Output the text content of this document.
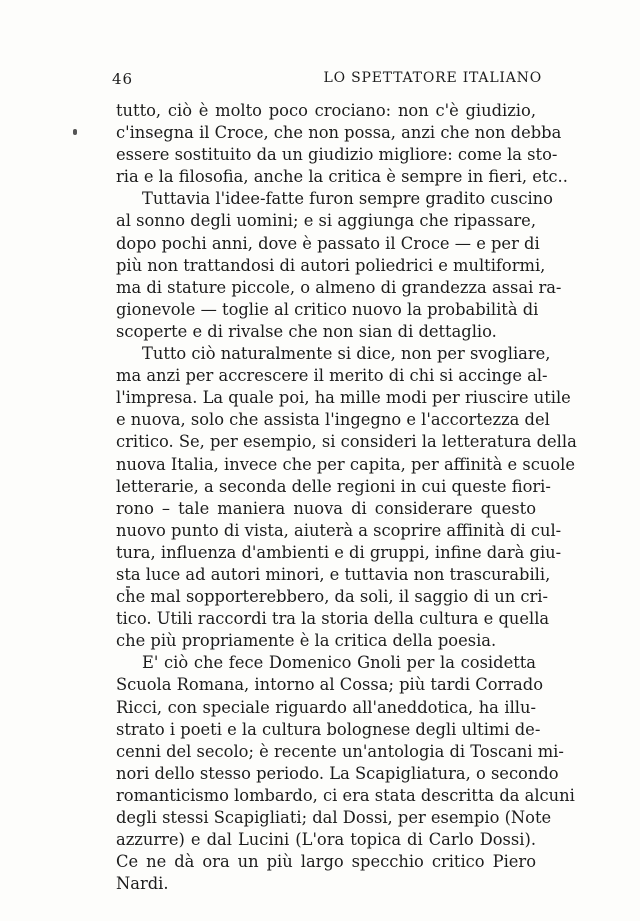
46	LO SPETTATORE ITALIANO
tutto, ciò è molto poco crociano: non c'è giudizio,
c'insegna il Croce, che non possa, anzi che non debba
essere sostituito da un giudizio migliore: come la sto-
ria e la filosofia, anche la critica è sempre in fieri, etc..
Tuttavia l'idee-fatte furon sempre gradito cuscino
al sonno degli uomini; e si aggiunga che ripassare,
dopo pochi anni, dove è passato il Croce — e per di
più non trattandosi di autori poliedrici e multiformi,
ma di stature piccole, o almeno di grandezza assai ra-
gionevole — toglie al critico nuovo la probabilità di
scoperte e di rivalse che non sian di dettaglio.
Tutto ciò naturalmente si dice, non per svogliare,
ma anzi per accrescere il merito di chi si accinge al-
l'impresa. La quale poi, ha mille modi per riuscire utile
e nuova, solo che assista l'ingegno e l'accortezza del
critico. Se, per esempio, si consideri la letteratura della
nuova Italia, invece che per capita, per affinità e scuole
letterarie, a seconda delle regioni in cui queste fiori-
rono – tale maniera nuova di considerare questo
nuovo punto di vista, aiuterà a scoprire affinità di cul-
tura, influenza d'ambienti e di gruppi, infine darà giu-
sta luce ad autori minori, e tuttavia non trascurabili,
che mal sopporterebbero, da soli, il saggio di un cri-
tico. Utili raccordi tra la storia della cultura e quella
che più propriamente è la critica della poesia.
E' ciò che fece Domenico Gnoli per la cosidetta
Scuola Romana, intorno al Cossa; più tardi Corrado
Ricci, con speciale riguardo all'aneddotica, ha illu-
strato i poeti e la cultura bolognese degli ultimi de-
cenni del secolo; è recente un'antologia di Toscani mi-
nori dello stesso periodo. La Scapigliatura, o secondo
romanticismo lombardo, ci era stata descritta da alcuni
degli stessi Scapigliati; dal Dossi, per esempio (Note
azzurre) e dal Lucini (L'ora topica di Carlo Dossi).
Ce ne dà ora un più largo specchio critico Piero
Nardi.
